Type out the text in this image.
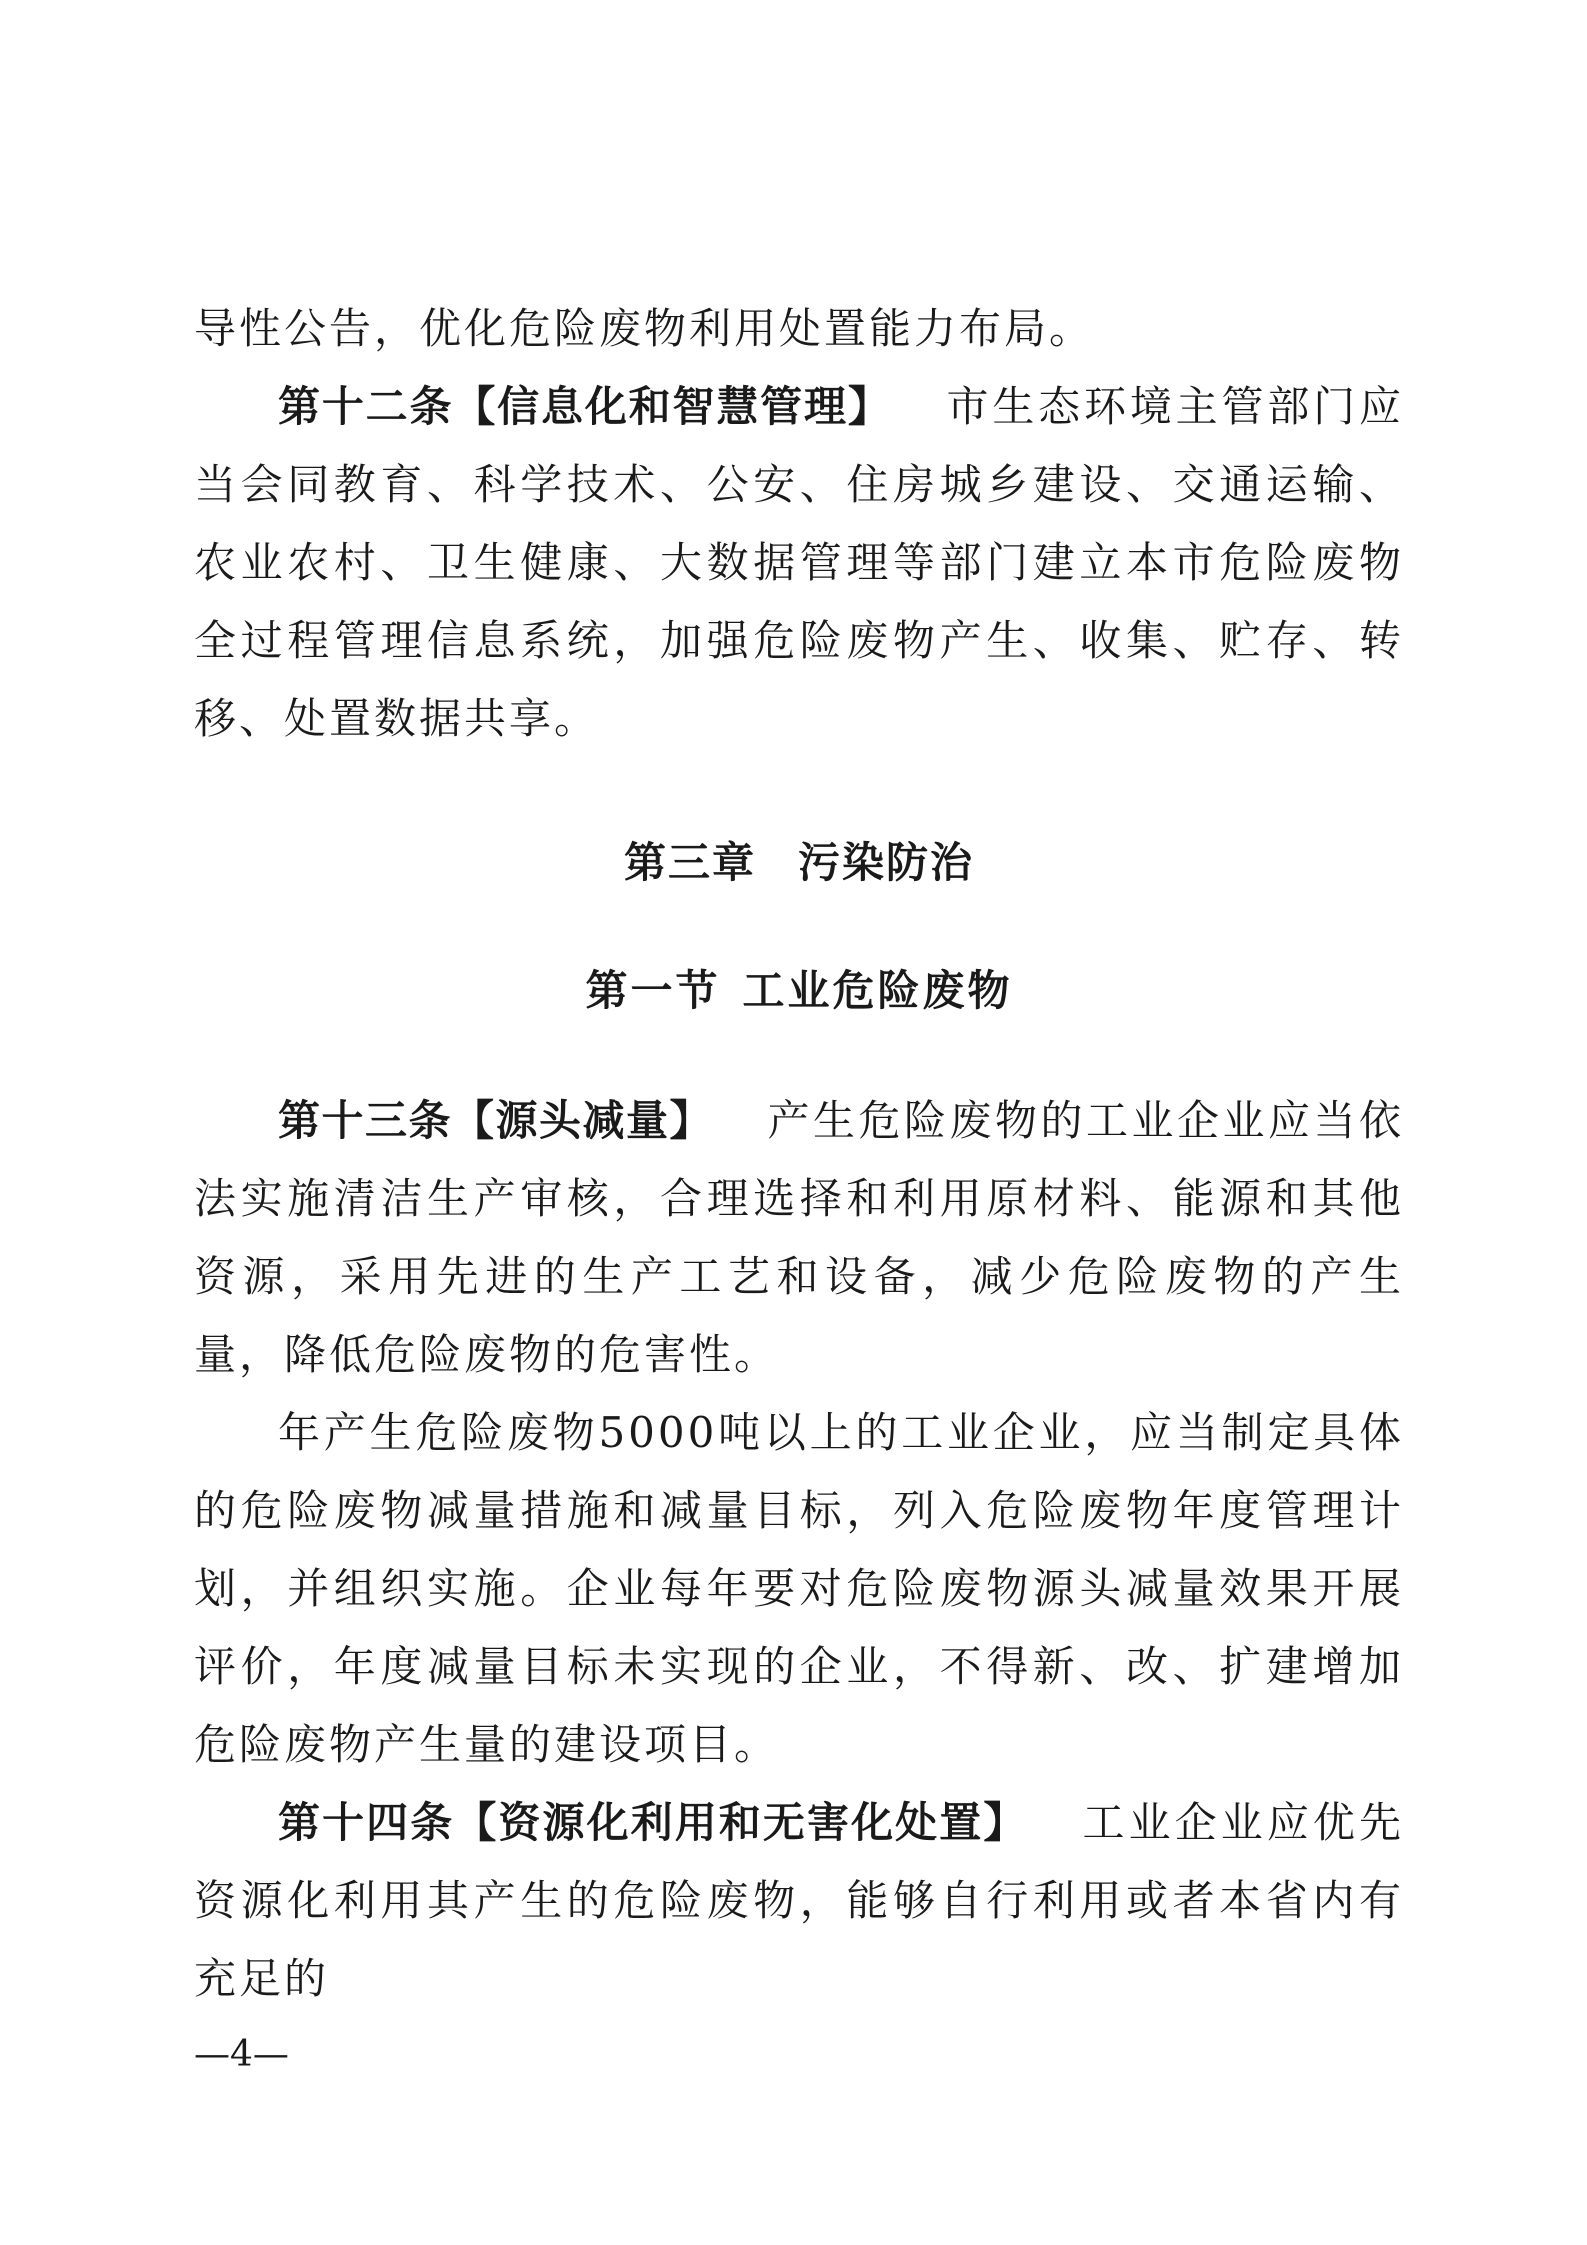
导性公告，优化危险废物利用处置能力布局。

第十二条【信息化和智慧管理】 市生态环境主管部门应当会同教育、科学技术、公安、住房城乡建设、交通运输、农业农村、卫生健康、大数据管理等部门建立本市危险废物全过程管理信息系统，加强危险废物产生、收集、贮存、转移、处置数据共享。

第三章 污染防治
第一节 工业危险废物

第十三条【源头减量】 产生危险废物的工业企业应当依法实施清洁生产审核，合理选择和利用原材料、能源和其他资源，采用先进的生产工艺和设备，减少危险废物的产生量，降低危险废物的危害性。

年产生危险废物5000吨以上的工业企业，应当制定具体的危险废物减量措施和减量目标，列入危险废物年度管理计划，并组织实施。企业每年要对危险废物源头减量效果开展评价，年度减量目标未实现的企业，不得新、改、扩建增加危险废物产生量的建设项目。

第十四条【资源化利用和无害化处置】 工业企业应优先资源化利用其产生的危险废物，能够自行利用或者本省内有充足的

—4—
